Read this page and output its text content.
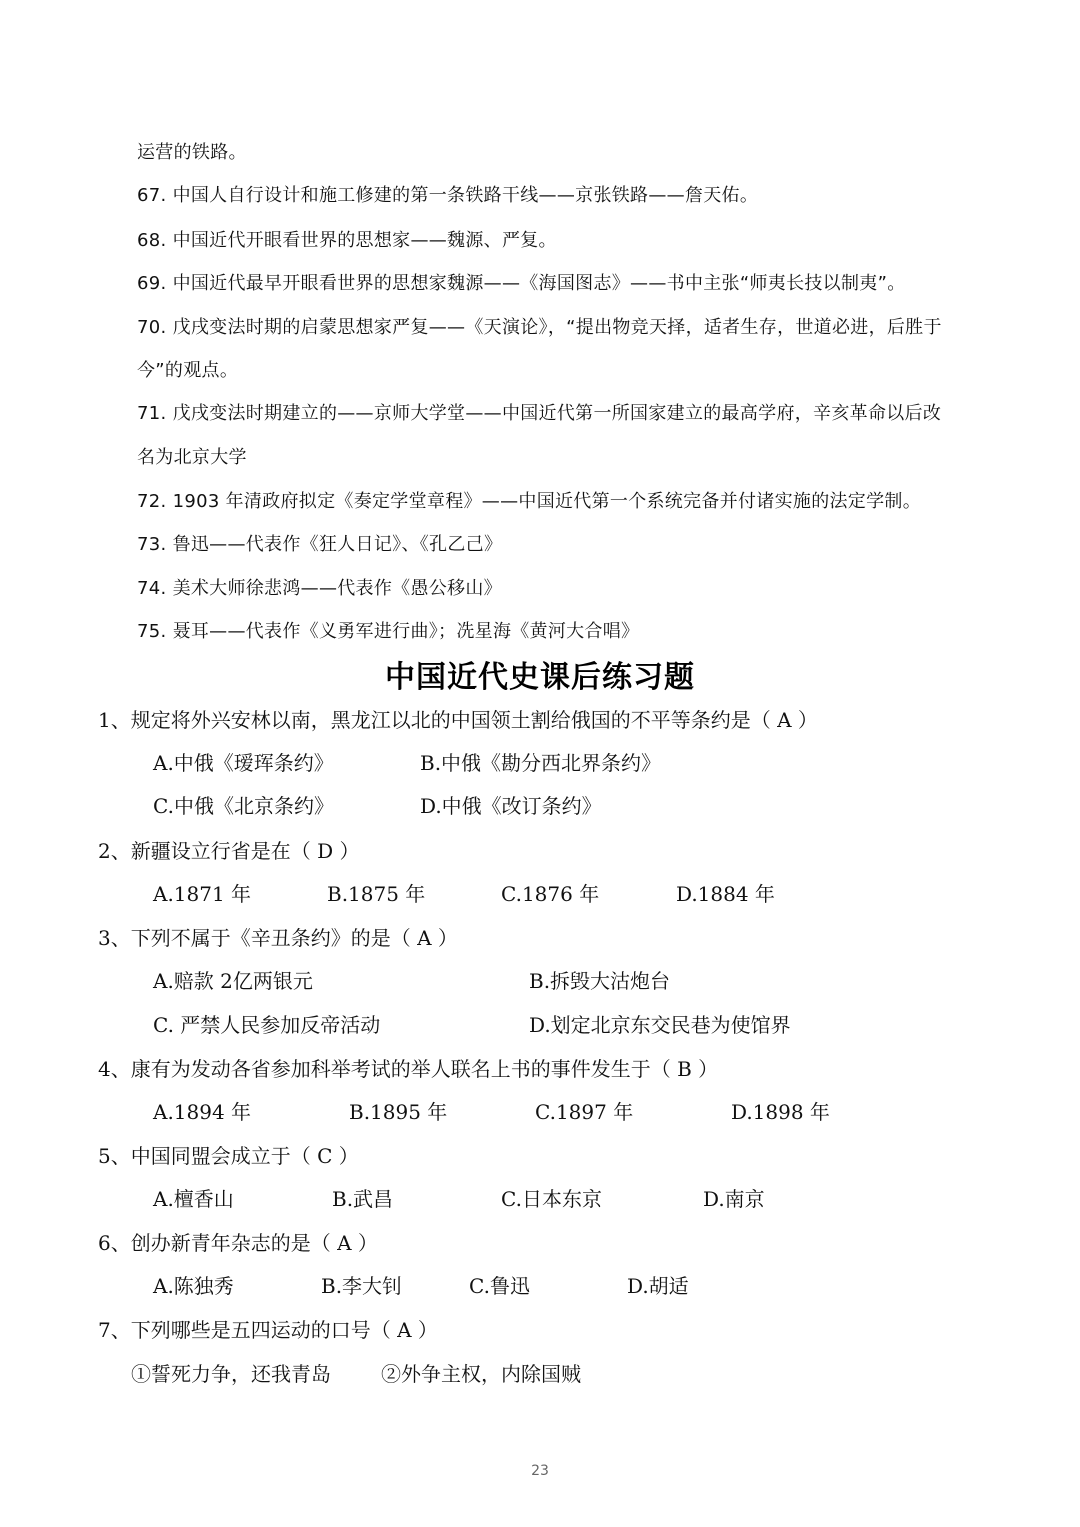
运营的铁路。
67. 中国人自行设计和施工修建的第一条铁路干线——京张铁路——詹天佑。
68. 中国近代开眼看世界的思想家——魏源、严复。
69. 中国近代最早开眼看世界的思想家魏源——《海国图志》——书中主张“师夷长技以制夷”。
70. 戊戌变法时期的启蒙思想家严复——《天演论》，“提出物竞天择，适者生存，世道必进，后胜于
今”的观点。
71. 戊戌变法时期建立的——京师大学堂——中国近代第一所国家建立的最高学府，辛亥革命以后改
名为北京大学
72. 1903 年清政府拟定《奏定学堂章程》——中国近代第一个系统完备并付诸实施的法定学制。
73. 鲁迅——代表作《狂人日记》、《孔乙己》
74. 美术大师徐悲鸿——代表作《愚公移山》
75. 聂耳——代表作《义勇军进行曲》；冼星海《黄河大合唱》
中国近代史课后练习题
1、规定将外兴安林以南，黑龙江以北的中国领土割给俄国的不平等条约是（ A ）
A.中俄《瑷珲条约》	B.中俄《勘分西北界条约》
C.中俄《北京条约》	D.中俄《改订条约》
2、新疆设立行省是在（ D ）
A.1871 年	B.1875 年	C.1876 年	D.1884 年
3、下列不属于《辛丑条约》的是（ A ）
A.赔款 2亿两银元	B.拆毁大沽炮台
C. 严禁人民参加反帝活动	D.划定北京东交民巷为使馆界
4、康有为发动各省参加科举考试的举人联名上书的事件发生于（ B ）
A.1894 年	B.1895 年	C.1897 年	D.1898 年
5、中国同盟会成立于（ C ）
A.檀香山	B.武昌	C.日本东京	D.南京
6、创办新青年杂志的是（ A ）
A.陈独秀	B.李大钊	C.鲁迅	D.胡适
7、下列哪些是五四运动的口号（ A ）
①誓死力争，还我青岛	②外争主权，内除国贼
23
